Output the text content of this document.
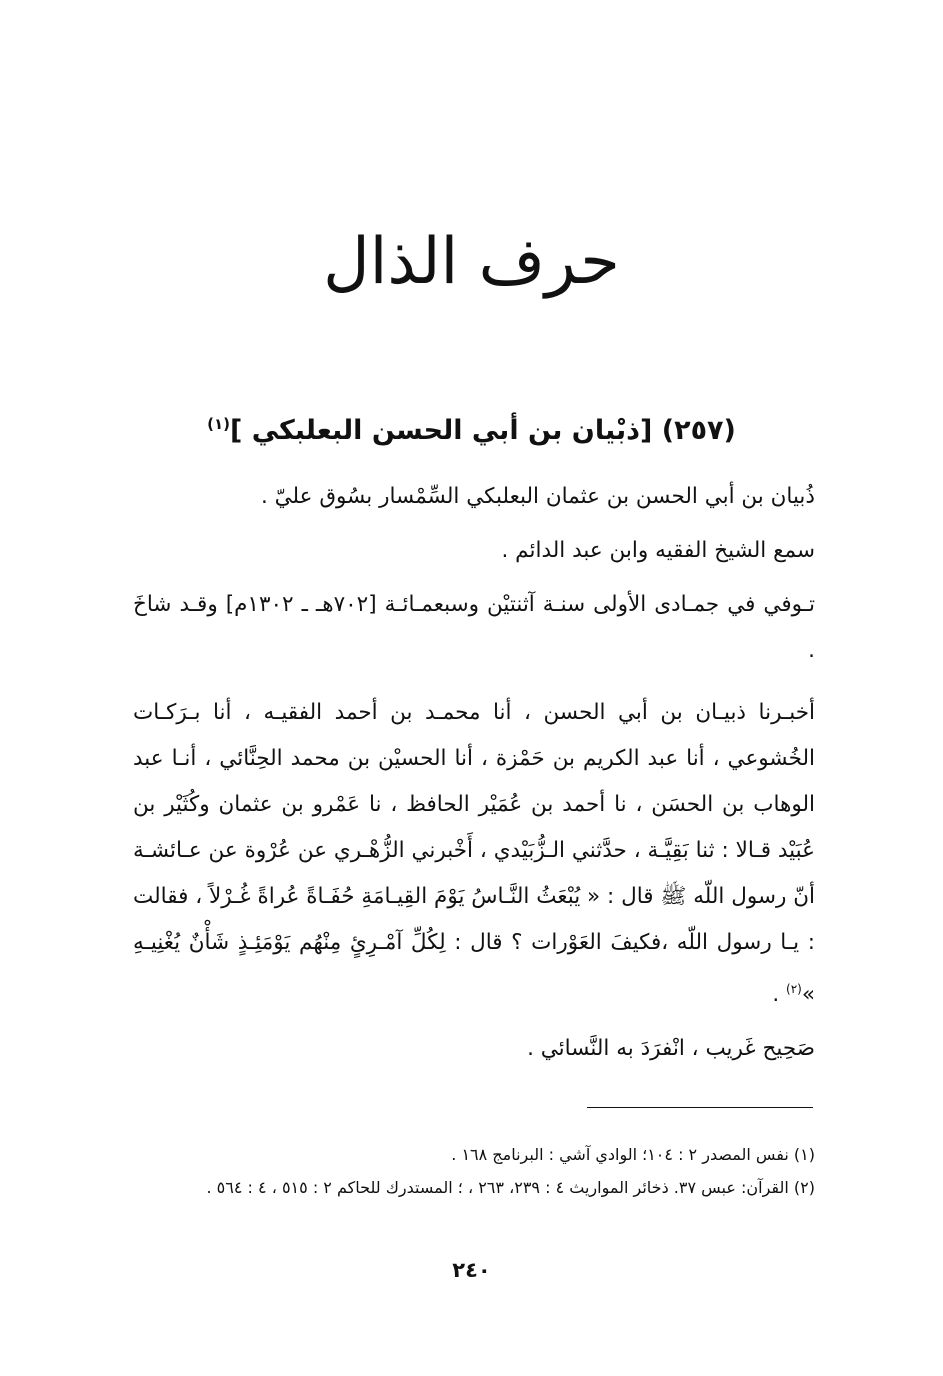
حرف الذال
(٢٥٧) [ذبْيان بن أبي الحسن البعلبكي ]$^{(١)}$

ذُبيان بن أبي الحسن بن عثمان البعلبكي السِّمْسار بسُوق عليّ .

سمع الشيخ الفقيه وابن عبد الدائم .

تـوفي في جمـادى الأولى سنـة آثنتيْن وسبعمـائـة [٧٠٢هـ ـ ١٣٠٢م] وقـد شاخَ .

أخبـرنا ذبيـان بن أبي الحسن ، أنا محمـد بن أحمد الفقيـه ، أنا بـرَكـات الخُشوعي ، أنا عبد الكريم بن حَمْزة ، أنا الحسيْن بن محمد الحِنَّائي ، أنـا عبد الوهاب بن الحسَن ، نا أحمد بن عُمَيْر الحافظ ، نا عَمْرو بن عثمان وكُثَيْر بن عُبَيْد قـالا : ثنا بَقِيَّـة ، حدَّثني الـزُّبَيْدي ، أَخْبرني الزُّهْـري عن عُرْوة عن عـائشـة أنّ رسول اللّه ﷺ قال : « يُبْعَثُ النَّـاسُ يَوْمَ القِيـامَةِ حُفَـاةً عُراةً غُـرْلاً ، فقالت : يـا رسول اللّه ،فكيفَ العَوْرات ؟ قال : لِكُلِّ آمْـرِئٍ مِنْهُم يَوْمَئِـذٍ شَأْنٌ يُغْنِيـهِ »$^{(٢)}$ .

صَحِيح غَريب ، انْفرَدَ به النَّسائي .

(١) نفس المصدر ٢ : ١٠٤؛ الوادي آشي : البرنامج ١٦٨ .
(٢) القرآن: عبس ٣٧. ذخائر المواريث ٤ : ٢٣٩، ٢٦٣ ، ؛ المستدرك للحاكم ٢ : ٥١٥ ، ٤ : ٥٦٤ .
٢٤٠
